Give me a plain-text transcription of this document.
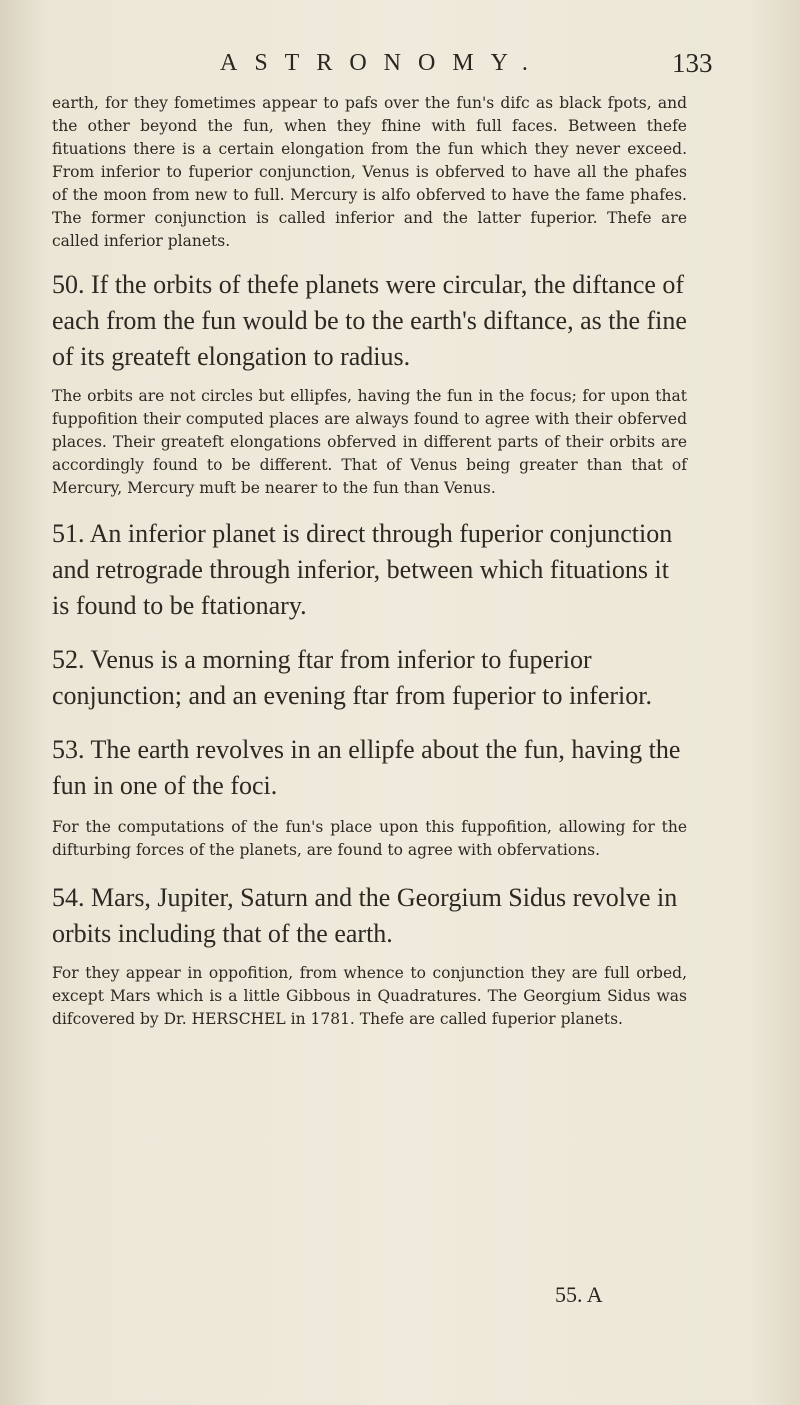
ASTRONOMY.	133

earth, for they fometimes appear to pafs over the fun's difc as black fpots, and the other beyond the fun, when they fhine with full faces. Between thefe fituations there is a certain elongation from the fun which they never exceed. From inferior to fuperior conjunction, Venus is obferved to have all the phafes of the moon from new to full. Mercury is alfo obferved to have the fame phafes. The former conjunction is called inferior and the latter fuperior. Thefe are called inferior planets.

50. If the orbits of thefe planets were circular, the diftance of each from the fun would be to the earth's diftance, as the fine of its greateft elongation to radius.

The orbits are not circles but ellipfes, having the fun in the focus; for upon that fuppofition their computed places are always found to agree with their obferved places. Their greateft elongations obferved in different parts of their orbits are accordingly found to be different. That of Venus being greater than that of Mercury, Mercury muft be nearer to the fun than Venus.

51. An inferior planet is direct through fuperior conjunction and retrograde through inferior, between which fituations it is found to be ftationary.

52. Venus is a morning ftar from inferior to fuperior conjunction; and an evening ftar from fuperior to inferior.

53. The earth revolves in an ellipfe about the fun, having the fun in one of the foci.

For the computations of the fun's place upon this fuppofition, allowing for the difturbing forces of the planets, are found to agree with obfervations.

54. Mars, Jupiter, Saturn and the Georgium Sidus revolve in orbits including that of the earth.

For they appear in oppofition, from whence to conjunction they are full orbed, except Mars which is a little Gibbous in Quadratures. The Georgium Sidus was difcovered by Dr. HERSCHEL in 1781. Thefe are called fuperior planets.

55. A
